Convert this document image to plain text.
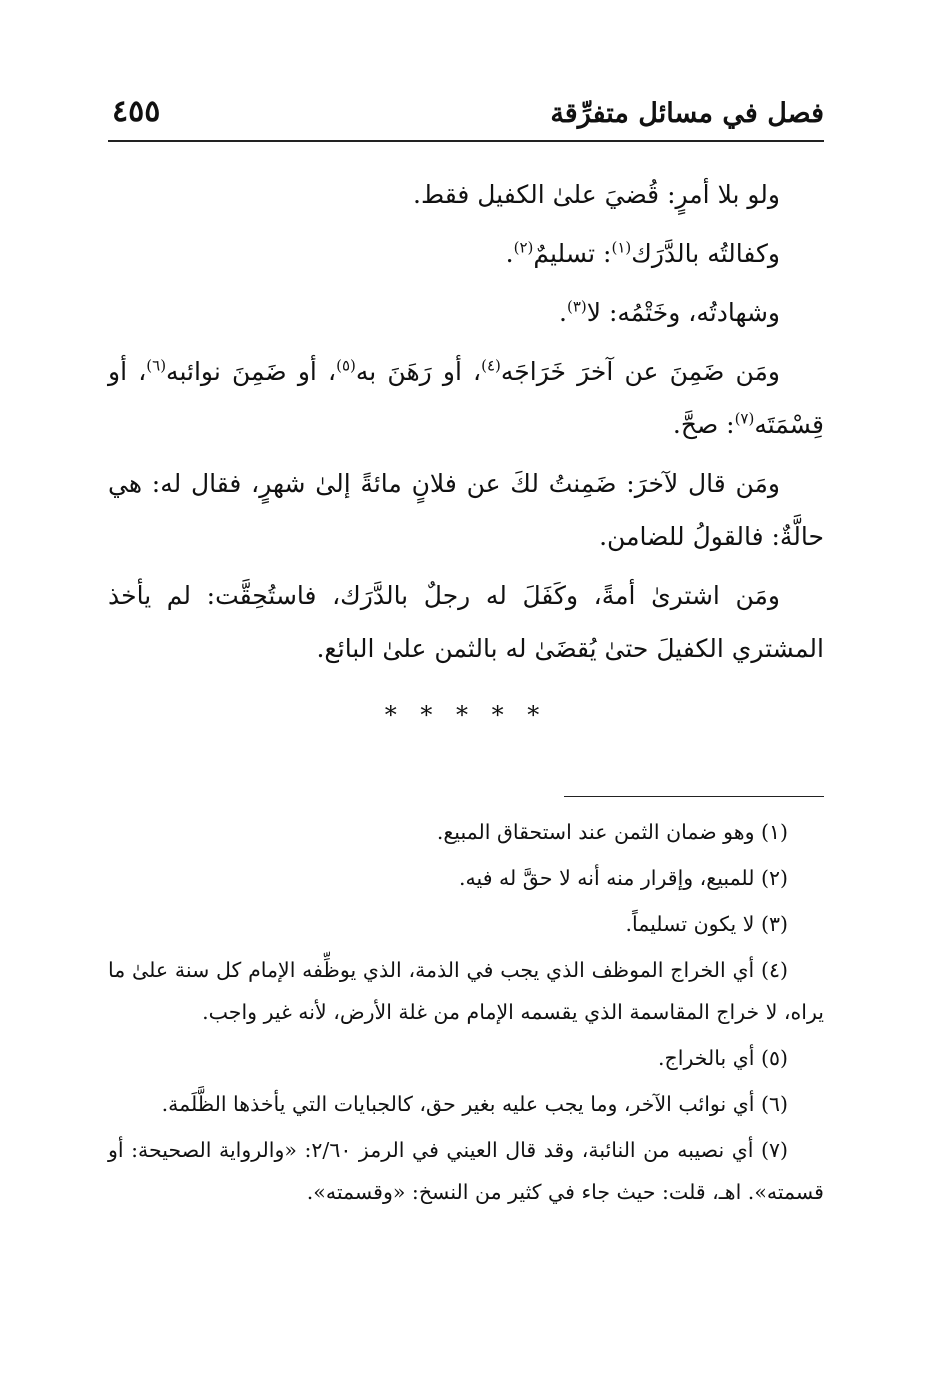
فصل في مسائل متفرِّقة
٤٥٥

ولو بلا أمرٍ: قُضيَ علىٰ الكفيل فقط.

وكفالتُه بالدَّرَك$^{(١)}$: تسليمٌ$^{(٢)}$.

وشهادتُه، وخَتْمُه: لا$^{(٣)}$.

ومَن ضَمِنَ عن آخرَ خَرَاجَه$^{(٤)}$، أو رَهَنَ به$^{(٥)}$، أو ضَمِنَ نوائبه$^{(٦)}$، أو قِسْمَتَه$^{(٧)}$: صحَّ.

ومَن قال لآخرَ: ضَمِنتُ لكَ عن فلانٍ مائةً إلىٰ شهرٍ، فقال له: هي حالَّةٌ: فالقولُ للضامن.

ومَن اشترىٰ أمةً، وكَفَلَ له رجلٌ بالدَّرَك، فاستُحِقَّت: لم يأخذ المشتري الكفيلَ حتىٰ يُقضَىٰ له بالثمن علىٰ البائع.

* * * * *

(١) وهو ضمان الثمن عند استحقاق المبيع.

(٢) للمبيع، وإقرار منه أنه لا حقَّ له فيه.

(٣) لا يكون تسليماً.

(٤) أي الخراج الموظف الذي يجب في الذمة، الذي يوظِّفه الإمام كل سنة علىٰ ما يراه، لا خراج المقاسمة الذي يقسمه الإمام من غلة الأرض، لأنه غير واجب.

(٥) أي بالخراج.

(٦) أي نوائب الآخر، وما يجب عليه بغير حق، كالجبايات التي يأخذها الظَّلَمة.

(٧) أي نصيبه من النائبة، وقد قال العيني في الرمز ٢/٦٠: «والرواية الصحيحة: أو قسمته». اهـ، قلت: حيث جاء في كثير من النسخ: «وقسمته».
